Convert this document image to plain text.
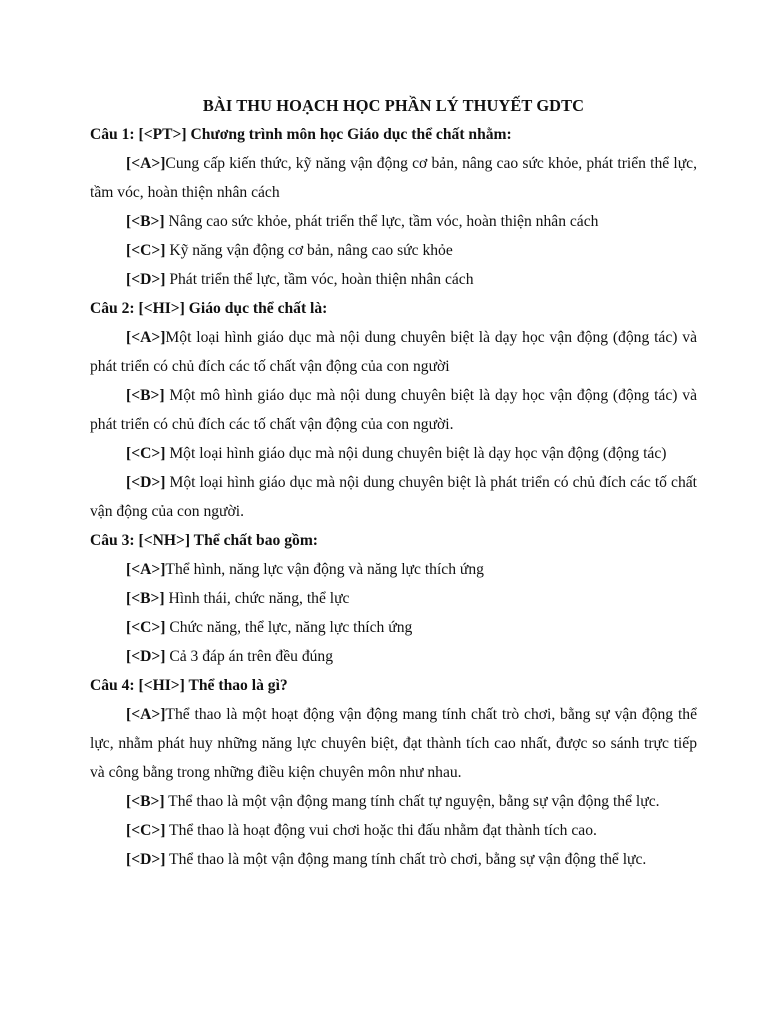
BÀI THU HOẠCH HỌC PHẦN LÝ THUYẾT GDTC

Câu 1: [<PT>] Chương trình môn học Giáo dục thể chất nhằm:

[<A>]Cung cấp kiến thức, kỹ năng vận động cơ bản, nâng cao sức khỏe, phát triển thể lực, tầm vóc, hoàn thiện nhân cách

[<B>] Nâng cao sức khỏe, phát triển thể lực, tầm vóc, hoàn thiện nhân cách

[<C>] Kỹ năng vận động cơ bản, nâng cao sức khỏe

[<D>] Phát triển thể lực, tầm vóc, hoàn thiện nhân cách

Câu 2: [<HI>] Giáo dục thể chất là:

[<A>]Một loại hình giáo dục mà nội dung chuyên biệt là dạy học vận động (động tác) và phát triển có chủ đích các tố chất vận động của con người

[<B>] Một mô hình giáo dục mà nội dung chuyên biệt là dạy học vận động (động tác) và phát triển có chủ đích các tố chất vận động của con người.

[<C>] Một loại hình giáo dục mà nội dung chuyên biệt là dạy học vận động (động tác)

[<D>] Một loại hình giáo dục mà nội dung chuyên biệt là phát triển có chủ đích các tố chất vận động của con người.

Câu 3: [<NH>] Thể chất bao gồm:

[<A>]Thể hình, năng lực vận động và năng lực thích ứng

[<B>] Hình thái, chức năng, thể lực

[<C>] Chức năng, thể lực, năng lực thích ứng

[<D>] Cả 3 đáp án trên đều đúng

Câu 4: [<HI>] Thể thao là gì?

[<A>]Thể thao là một hoạt động vận động mang tính chất trò chơi, bằng sự vận động thể lực, nhằm phát huy những năng lực chuyên biệt, đạt thành tích cao nhất, được so sánh trực tiếp và công bằng trong những điều kiện chuyên môn như nhau.

[<B>] Thể thao là một vận động mang tính chất tự nguyện, bằng sự vận động thể lực.

[<C>] Thể thao là hoạt động vui chơi hoặc thi đấu nhằm đạt thành tích cao.

[<D>] Thể thao là một vận động mang tính chất trò chơi, bằng sự vận động thể lực.
